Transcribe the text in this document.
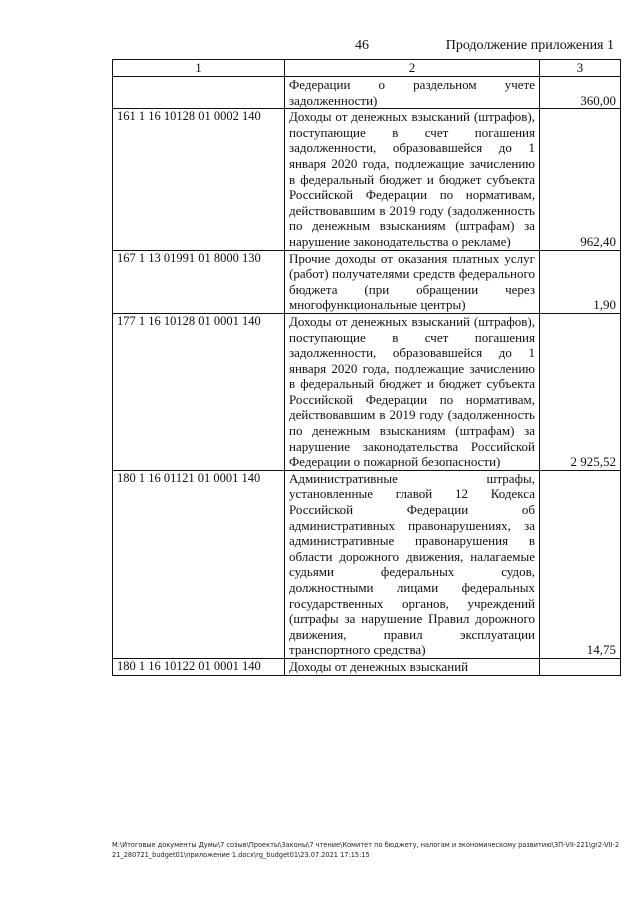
46	Продолжение приложения 1
1	2	3
	Федерации о раздельном учете задолженности)	360,00
161 1 16 10128 01 0002 140	Доходы от денежных взысканий (штрафов), поступающие в счет погашения задолженности, образовавшейся до 1 января 2020 года, подлежащие зачислению в федеральный бюджет и бюджет субъекта Российской Федерации по нормативам, действовавшим в 2019 году (задолженность по денежным взысканиям (штрафам) за нарушение законодательства о рекламе)	962,40
167 1 13 01991 01 8000 130	Прочие доходы от оказания платных услуг (работ) получателями средств федерального бюджета (при обращении через многофункциональные центры)	1,90
177 1 16 10128 01 0001 140	Доходы от денежных взысканий (штрафов), поступающие в счет погашения задолженности, образовавшейся до 1 января 2020 года, подлежащие зачислению в федеральный бюджет и бюджет субъекта Российской Федерации по нормативам, действовавшим в 2019 году (задолженность по денежным взысканиям (штрафам) за нарушение законодательства Российской Федерации о пожарной безопасности)	2 925,52
180 1 16 01121 01 0001 140	Административные штрафы, установленные главой 12 Кодекса Российской Федерации об административных правонарушениях, за административные правонарушения в области дорожного движения, налагаемые судьями федеральных судов, должностными лицами федеральных государственных органов, учреждений (штрафы за нарушение Правил дорожного движения, правил эксплуатации транспортного средства)	14,75
180 1 16 10122 01 0001 140	Доходы от денежных взысканий	
M:\Итоговые документы Думы\7 созыв\Проекты\Законы\7 чтение\Комитет по бюджету, налогам и экономическому развитию\ЗП-VII-221\gr2-VII-221_280721_budget01\приложение 1.docx\rg_budget01\23.07.2021 17:15:15
